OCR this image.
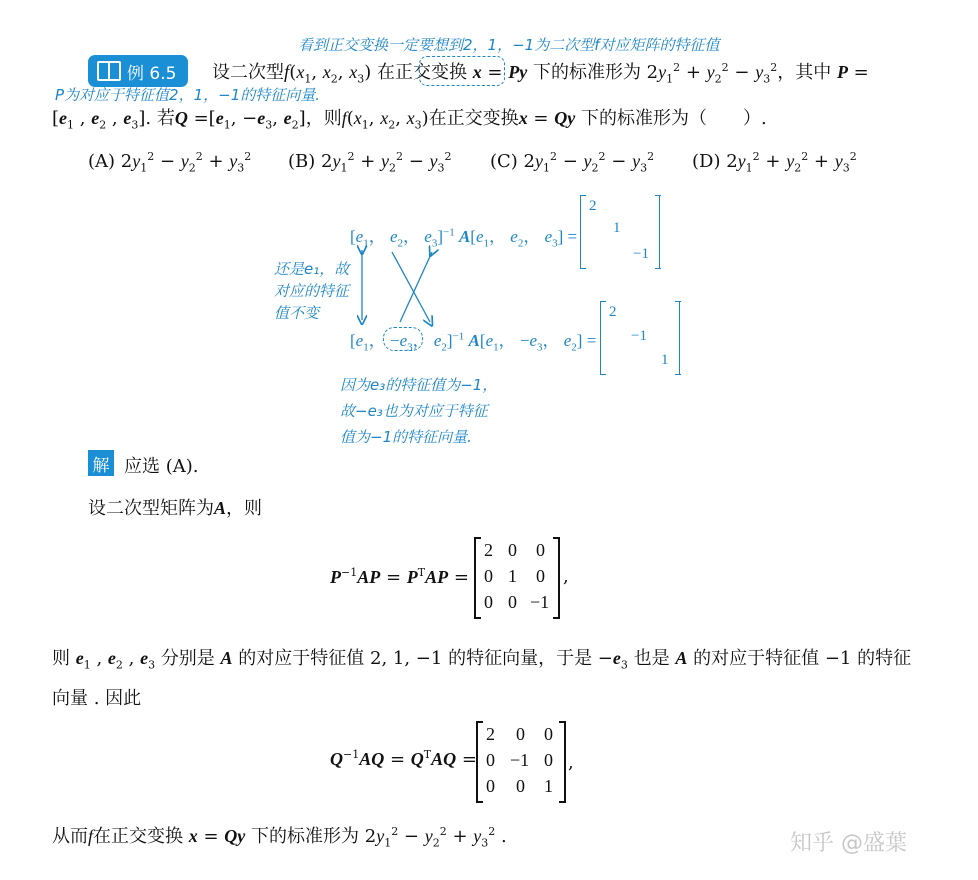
看到正交变换一定要想到2，1，−1为二次型f对应矩阵的特征值
例 6.5 设二次型$f(x_1$, $x_2$, $x_3$) 在正交变换 x = Py 下的标准形为 $2y_1^2 + y_2^2 - y_3^2$，其中 P =
P为对应于特征值2，1，−1的特征向量.
[$e_1$ , $e_2$ , $e_3$]. 若$Q =[e_1$, $-e_3$, $e_2$]，则$f(x_1$, $x_2$, $x_3$)在正交变换x = Qy 下的标准形为（　　）.
(A) $2y_1^2 - y_2^2 + y_3^2$ (B) $2y_1^2 + y_2^2 - y_3^2$ (C) $2y_1^2 - y_2^2 - y_3^2$ (D) $2y_1^2 + y_2^2 + y_3^2$
[$e_1$， $e_2$， $e_3]^{-1}$ $A[e_1$， $e_2$， $e_3$] =
2
1
−1
[$e_1$， $-e_3$， $e_2]^{-1}$ $A[e_1$， $-e_3$， $e_2$] =
2
−1
1
还是e₁，故
对应的特征
值不变
因为e₃的特征值为−1，
故−e₃也为对应于特征
值为−1的特征向量.
解 应选 (A).
设二次型矩阵为A，则
$P^{-1}AP = P^TAP$ =
2 0 0
0 1 0
0 0 −1
,
则 $e_1$ , $e_2$ , $e_3$ 分别是 A 的对应于特征值 2, 1, −1 的特征向量，于是 $-e_3$ 也是 A 的对应于特征值 −1 的特征
向量 . 因此
$Q^{-1}AQ = Q^TAQ$ =
2 0 0
0 −1 0
0 0 1
,
从而f在正交变换 x = Qy 下的标准形为 $2y_1^2 - y_2^2 + y_3^2$ .	知乎 @盛葉
